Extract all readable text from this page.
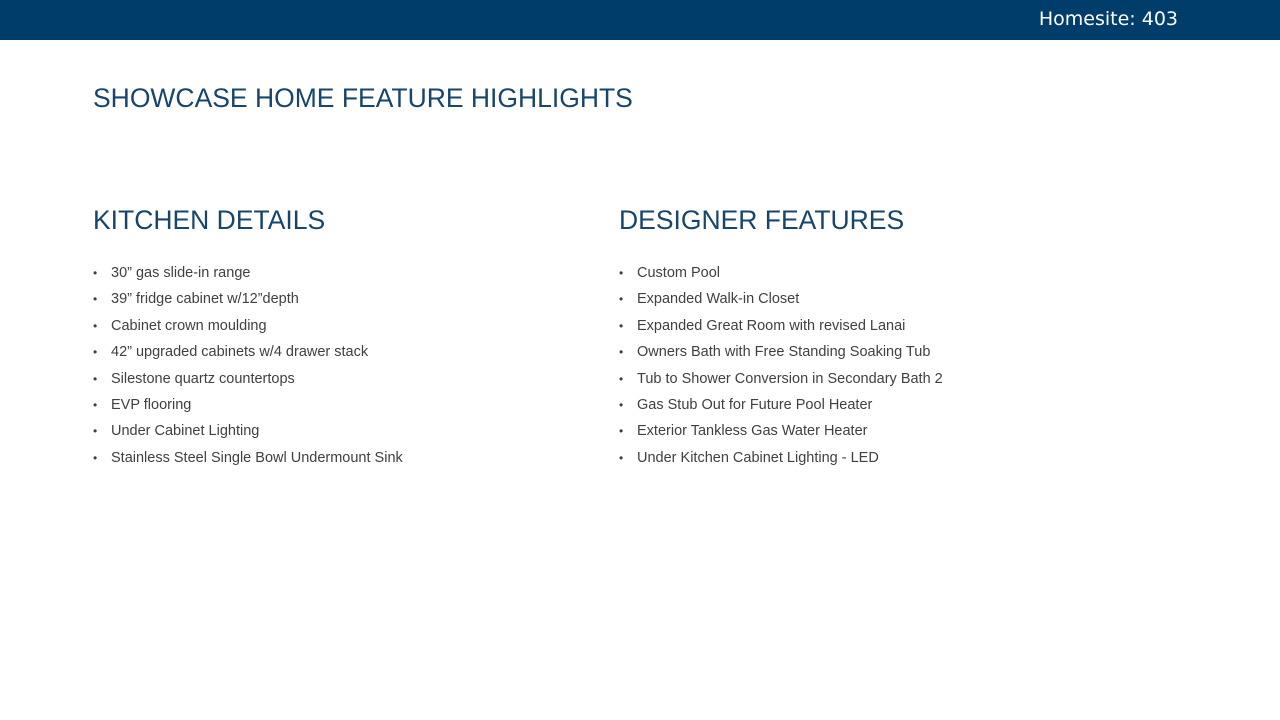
Homesite: 403
SHOWCASE HOME FEATURE HIGHLIGHTS
KITCHEN DETAILS
• 30” gas slide-in range
• 39” fridge cabinet w/12”depth
• Cabinet crown moulding
• 42” upgraded cabinets w/4 drawer stack
• Silestone quartz countertops
• EVP flooring
• Under Cabinet Lighting
• Stainless Steel Single Bowl Undermount Sink
DESIGNER FEATURES
• Custom Pool
• Expanded Walk-in Closet
• Expanded Great Room with revised Lanai
• Owners Bath with Free Standing Soaking Tub
• Tub to Shower Conversion in Secondary Bath 2
• Gas Stub Out for Future Pool Heater
• Exterior Tankless Gas Water Heater
• Under Kitchen Cabinet Lighting - LED
